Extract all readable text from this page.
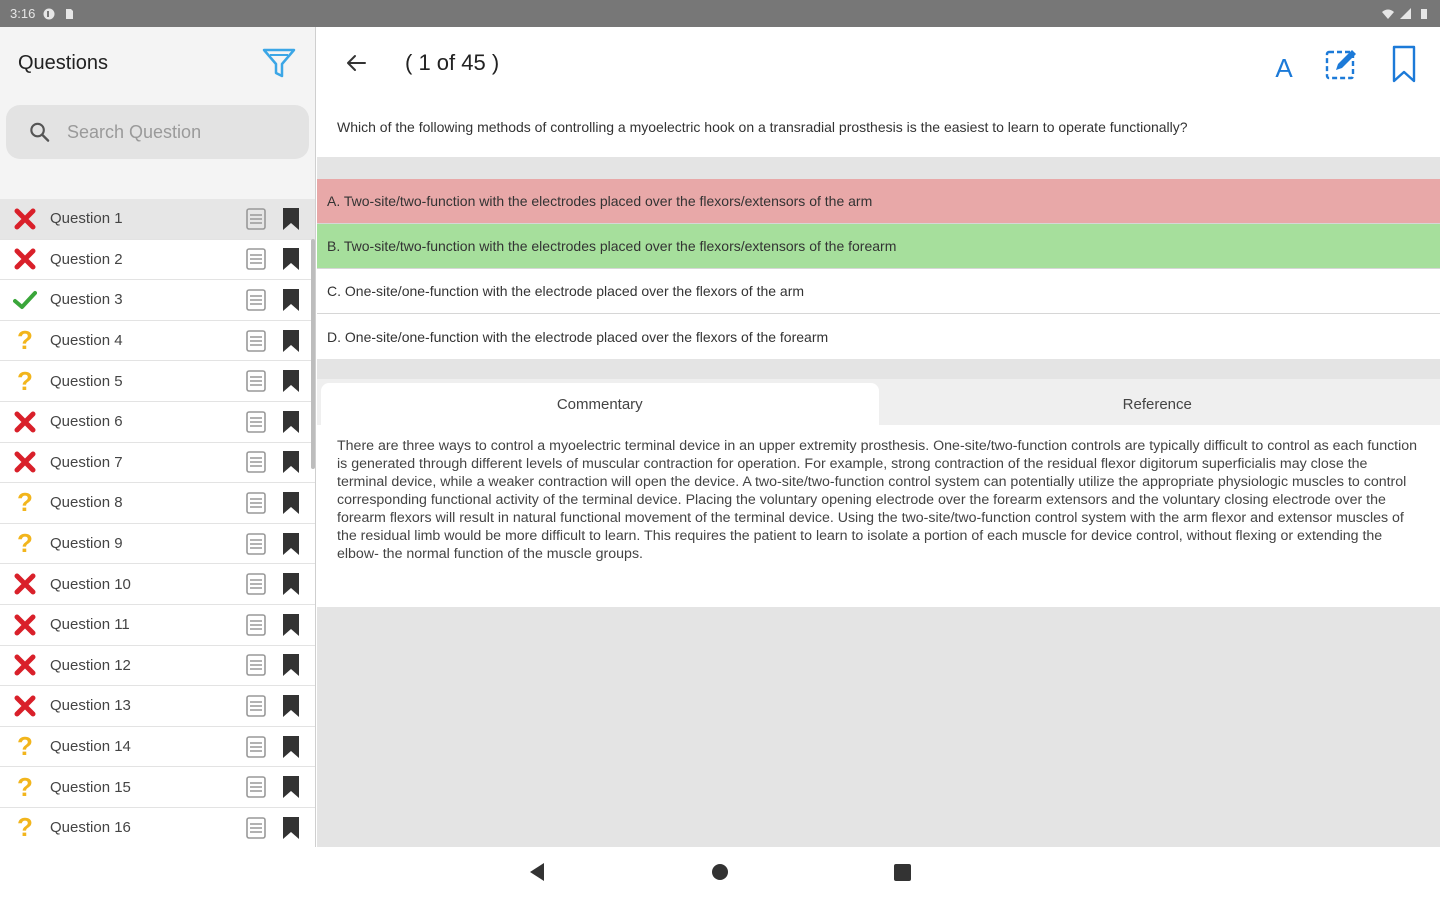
3:16
Questions
Search Question
Question 1
Question 2
Question 3
?	Question 4
?	Question 5
Question 6
Question 7
?	Question 8
?	Question 9
Question 10
Question 11
Question 12
Question 13
?	Question 14
?	Question 15
?	Question 16
( 1 of 45 )	A
Which of the following methods of controlling a myoelectric hook on a transradial prosthesis is the easiest to learn to operate functionally?
A. Two-site/two-function with the electrodes placed over the flexors/extensors of the arm
B. Two-site/two-function with the electrodes placed over the flexors/extensors of the forearm
C. One-site/one-function with the electrode placed over the flexors of the arm
D. One-site/one-function with the electrode placed over the flexors of the forearm
Commentary	Reference
There are three ways to control a myoelectric terminal device in an upper extremity prosthesis. One-site/two-function controls are typically difficult to control as each function is generated through different levels of muscular contraction for operation. For example, strong contraction of the residual flexor digitorum superficialis may close the terminal device, while a weaker contraction will open the device. A two-site/two-function control system can potentially utilize the appropriate physiologic muscles to control corresponding functional activity of the terminal device. Placing the voluntary opening electrode over the forearm extensors and the voluntary closing electrode over the forearm flexors will result in natural functional movement of the terminal device. Using the two-site/two-function control system with the arm flexor and extensor muscles of the residual limb would be more difficult to learn. This requires the patient to learn to isolate a portion of each muscle for device control, without flexing or extending the elbow- the normal function of the muscle groups.
